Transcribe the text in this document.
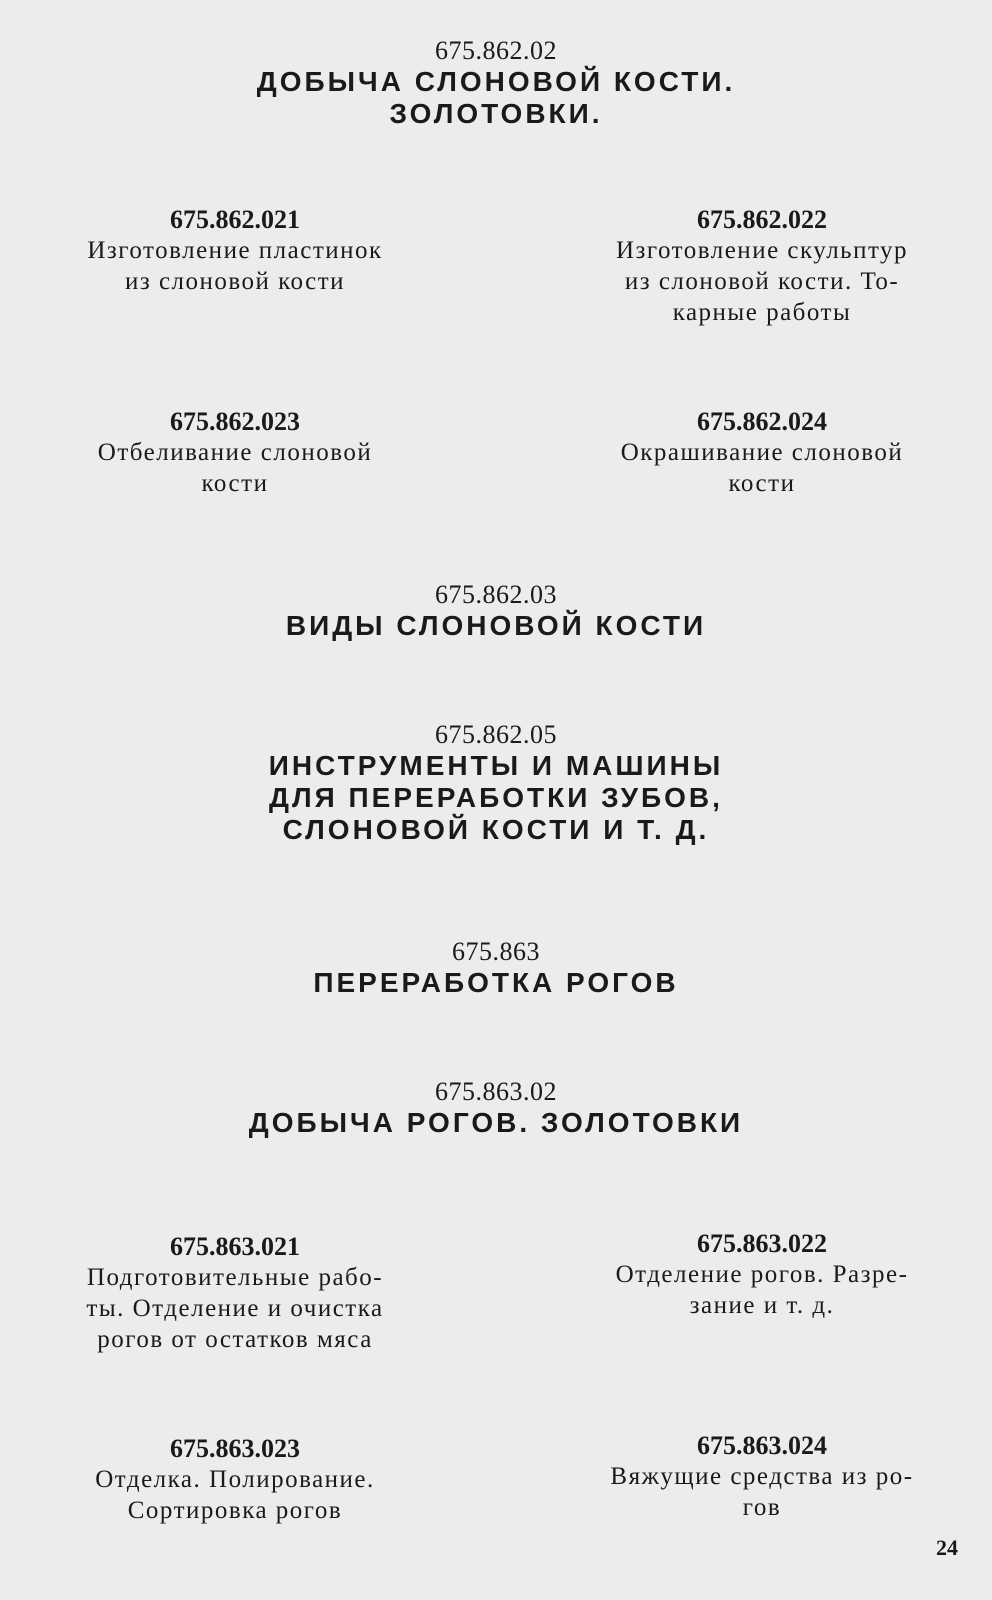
675.862.02
ДОБЫЧА СЛОНОВОЙ КОСТИ.
ЗОЛОТОВКИ.
675.862.021
Изготовление пластинок
из слоновой кости
675.862.022
Изготовление скульптур
из слоновой кости. То-
карные работы
675.862.023
Отбеливание слоновой
кости
675.862.024
Окрашивание слоновой
кости
675.862.03
ВИДЫ СЛОНОВОЙ КОСТИ
675.862.05
ИНСТРУМЕНТЫ И МАШИНЫ
ДЛЯ ПЕРЕРАБОТКИ ЗУБОВ,
СЛОНОВОЙ КОСТИ И Т. Д.
675.863
ПЕРЕРАБОТКА РОГОВ
675.863.02
ДОБЫЧА РОГОВ. ЗОЛОТОВКИ
675.863.021
Подготовительные рабо-
ты. Отделение и очистка
рогов от остатков мяса
675.863.022
Отделение рогов. Разре-
зание и т. д.
675.863.023
Отделка. Полирование.
Сортировка рогов
675.863.024
Вяжущие средства из ро-
гов
24
